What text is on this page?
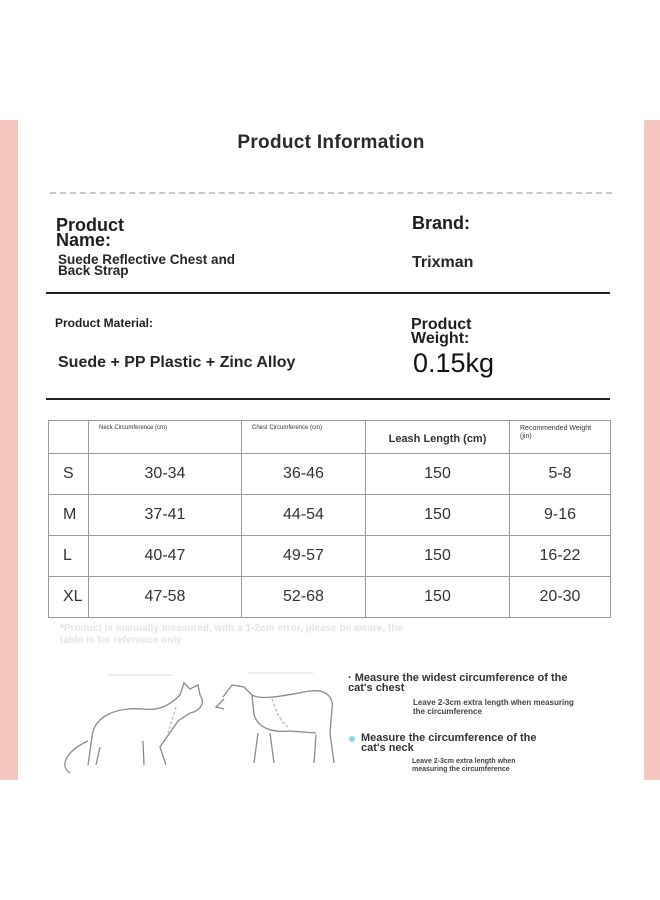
Product Information
Product Name:
Suede Reflective Chest and Back Strap
Brand:
Trixman
Product Material:
Suede + PP Plastic + Zinc Alloy
Product Weight:
0.15kg
	Neck Circumference (cm)	Chest Circumference (cm)	Leash Length (cm)	Recommended Weight (jin)
S	30-34	36-46	150	5-8
M	37-41	44-54	150	9-16
L	40-47	49-57	150	16-22
XL	47-58	52-68	150	20-30
*Product is manually measured, with a 1-2cm error, please be aware, the table is for reference only
· Measure the widest circumference of the cat's chest
Leave 2-3cm extra length when measuring the circumference
Measure the circumference of the cat's neck
Leave 2-3cm extra length when measuring the circumference
